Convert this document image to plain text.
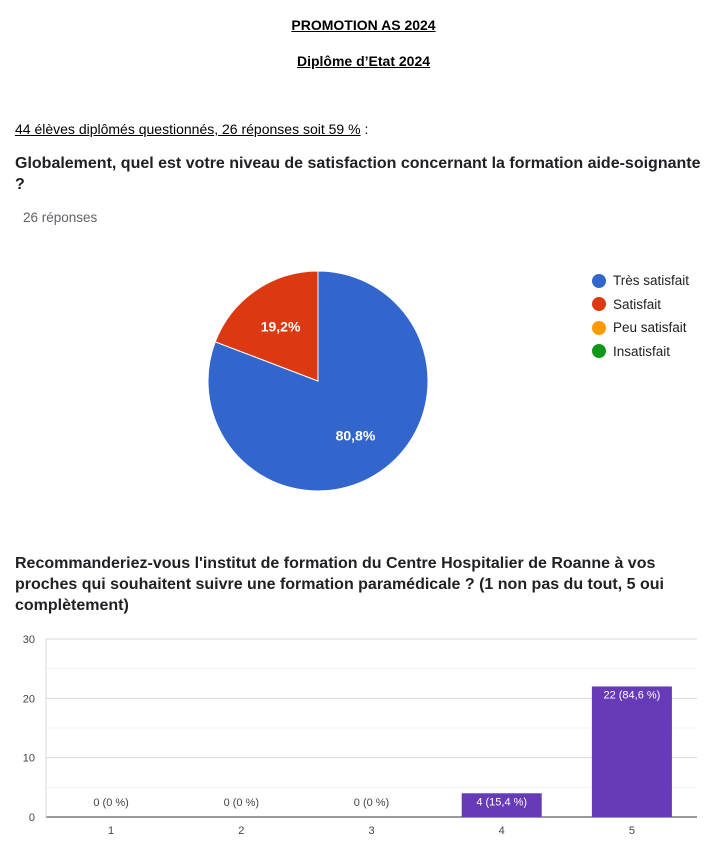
PROMOTION AS 2024
Diplôme d’Etat 2024
44 élèves diplômés questionnés, 26 réponses soit 59 % :
Globalement, quel est votre niveau de satisfaction concernant la formation aide-soignante ?
26 réponses
80,8%
19,2%
Très satisfait
Satisfait
Peu satisfait
Insatisfait
Recommanderiez-vous l'institut de formation du Centre Hospitalier de Roanne à vos proches qui souhaitent suivre une formation paramédicale ? (1 non pas du tout, 5 oui complètement)
0
10
20
30
0 (0 %)
1
0 (0 %)
2
0 (0 %)
3
4 (15,4 %)
4
22 (84,6 %)
5
